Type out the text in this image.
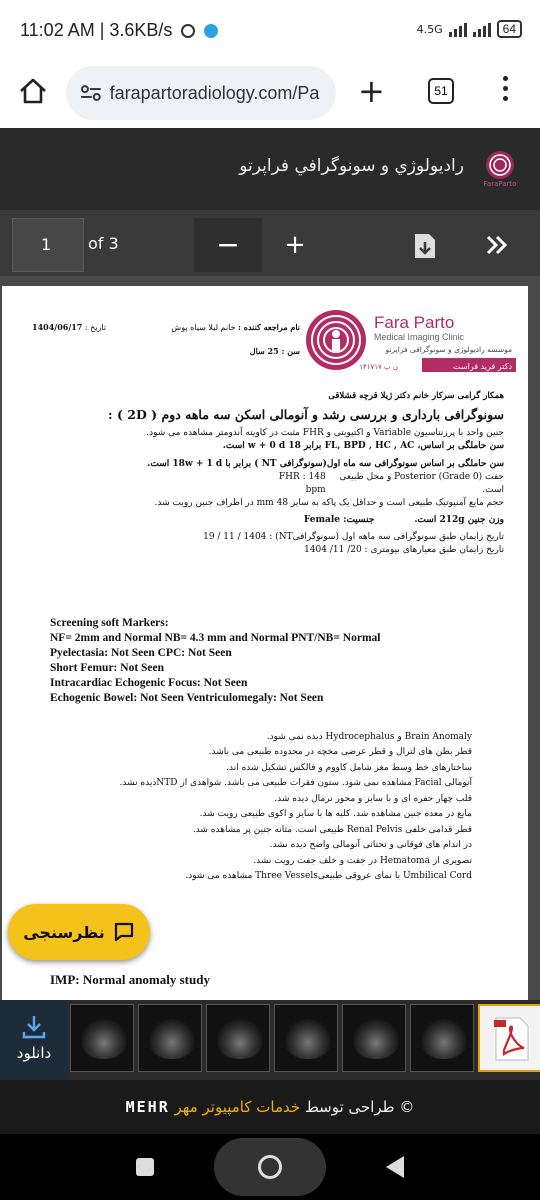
11:02 AM | 3.6KB/s	4.5G	64
farapartoradiology.com/Pa	+	51
راديولوژي و سونوگرافي فراپرتو
FaraParto
1	of 3	−	+
Fara Parto
Medical Imaging Clinic
موسسه رادیولوژی و سونوگرافی فراپرتو
دکتر فرید فراست
ن پ ۱۴۱۷۱۷
نام مراجعه کننده : خانم لیلا سیاه پوش
تاریخ : 1404/06/17
سن : 25 سال
همکار گرامی سرکار خانم دکتر ژیلا قرچه قشلاقی
سونوگرافی بارداری و بررسی رشد و آنومالی اسکن سه ماهه دوم ( 2D ) :
جنین واحد با پرزنتاسیون Variable و اکتیویتی و FHR مثبت در کاویته آندومتر مشاهده می شود.
سن حاملگی بر اساس، FL, BPD , HC , AC برابر 18 w + 0 d است.
سن حاملگی بر اساس سونوگرافی سه ماه اول(سونوگرافی NT ) برابر با 18w + 1 d است.
جفت Posterior (Grade 0) و محل طبیعی است.
FHR : 148 bpm
حجم مایع آمنیوتیک طبیعی است و حداقل یک پاکه به سایز 48 mm در اطراف جنین رویت شد.
وزن جنین 212g است.
جنسیت: Female
تاریخ زایمان طبق سونوگرافی سه ماهه اول (سونوگرافیNT) : 19 / 11 / 1404
تاریخ زایمان طبق معیارهای بیومتری : 20/ 11/ 1404
Screening soft Markers:
NF= 2mm and Normal NB= 4.3 mm and Normal PNT/NB= Normal
Pyelectasia: Not Seen CPC: Not Seen
Short Femur: Not Seen
Intracardiac Echogenic Focus: Not Seen
Echogenic Bowel: Not Seen Ventriculomegaly: Not Seen
Brain Anomaly و Hydrocephalus دیده نمی شود.
قطر بطن های لترال و قطر عرضی مخچه در محدوده طبیعی می باشد.
ساختارهای خط وسط مغز شامل کاووم و فالکس تشکیل شده اند.
آنومالی Facial مشاهده نمی شود. ستون فقرات طبیعی می باشد. شواهدی از NTDدیده نشد.
قلب چهار حفره ای و با سایز و محور نرمال دیده شد.
مایع در معده جنین مشاهده شد. کلیه ها با سایز و اکوی طبیعی رویت شد.
قطر قدامی خلفی Renal Pelvis طبیعی است. مثانه جنین پر مشاهده شد.
در اندام های فوقانی و تحتانی آنومالی واضح دیده نشد.
تصویری از Hematoma در جفت و خلف جفت رویت نشد.
Umbilical Cord با نمای عروقی طبیعیThree Vessels مشاهده می شود.
IMP: Normal anomaly study
نظرسنجی
دانلود
© طراحی توسط خدمات کامپیوتر مهر MEHR
